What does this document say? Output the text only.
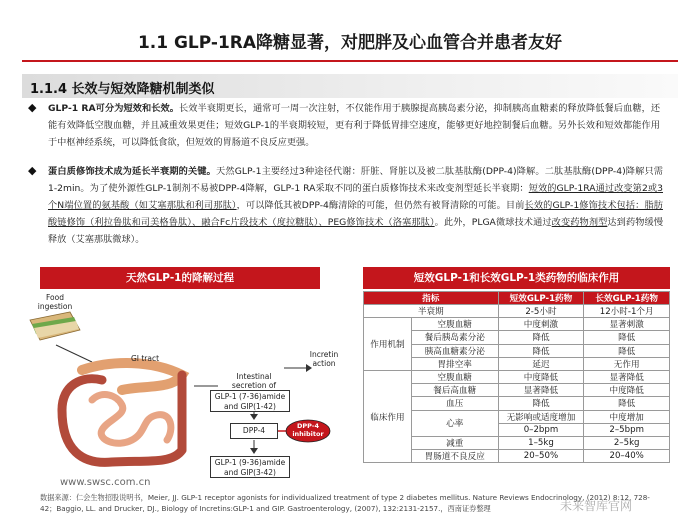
1.1 GLP-1RA降糖显著，对肥胖及心血管合并患者友好
1.1.4 长效与短效降糖机制类似
◆ GLP-1 RA可分为短效和长效。长效半衰期更长，通常可一周一次注射，不仅能作用于胰腺提高胰岛素分泌，抑制胰高血糖素的释放降低餐后血糖，还能有效降低空腹血糖，并且减重效果更佳；短效GLP-1的半衰期较短，更有利于降低胃排空速度，能够更好地控制餐后血糖。另外长效和短效都能作用于中枢神经系统，可以降低食欲，但短效的胃肠道不良反应更强。
◆ 蛋白质修饰技术成为延长半衰期的关键。天然GLP-1主要经过3种途径代谢：肝脏、肾脏以及被二肽基肽酶(DPP-4)降解。二肽基肽酶(DPP-4)降解只需1-2min。为了使外源性GLP-1制剂不易被DPP-4降解，GLP-1 RA采取不同的蛋白质修饰技术来改变剂型延长半衰期：短效的GLP-1RA通过改变第2或3个N端位置的氨基酸（如艾塞那肽和利司那肽），可以降低其被DPP-4酶清除的可能，但仍然有被肾清除的可能。目前长效的GLP-1修饰技术包括：脂肪酸链修饰（利拉鲁肽和司美格鲁肽）、融合Fc片段技术（度拉糖肽）、PEG修饰技术（洛塞那肽）。此外，PLGA微球技术通过改变药物剂型达到药物缓慢释放（艾塞那肽微球）。
天然GLP-1的降解过程	短效GLP-1和长效GLP-1类药物的临床作用
Food
ingestion
GI tract
Intestinal
secretion of
GLP-1 (7-36)amide
and GIP(1-42)
Incretin
action
DPP-4	DPP-4
inhibitor
GLP-1 (9-36)amide
and GIP(3-42)
www.swsc.com.cn
指标		短效GLP-1药物	长效GLP-1药物
半衰期		2-5小时	12小时-1个月
作用机制	空腹血糖	中度刺激	显著刺激
	餐后胰岛素分泌	降低	降低
	胰高血糖素分泌	降低	降低
	胃排空率	延迟	无作用
临床作用	空腹血糖	中度降低	显著降低
	餐后高血糖	显著降低	中度降低
	血压	降低	降低
	心率	无影响或适度增加	中度增加
		0–2bpm	2–5bpm
	减重	1–5kg	2–5kg
	胃肠道不良反应	20–50%	20–40%
数据来源：仁会生物招股说明书，Meier, JJ. GLP-1 receptor agonists for individualized treatment of type 2 diabetes mellitus. Nature Reviews Endocrinology, (2012) 8:12, 728-42；Baggio, LL. and Drucker, DJ., Biology of Incretins:GLP-1 and GIP. Gastroenterology, (2007), 132:2131-2157.，西南证券整理	未来智库官网
